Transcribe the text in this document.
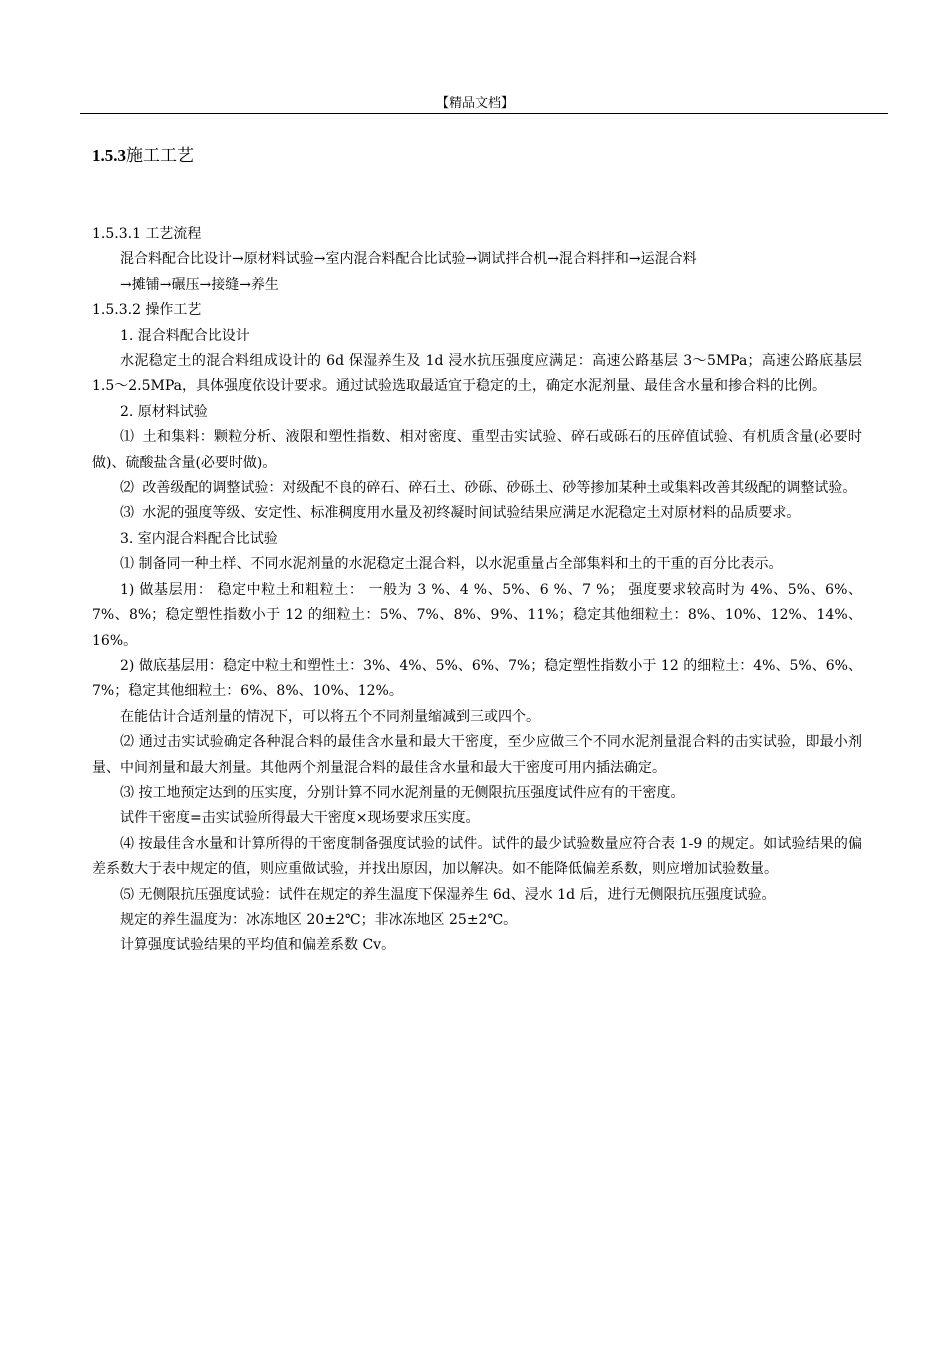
【精品文档】
1.5.3施工工艺

1.5.3.1 工艺流程

混合料配合比设计→原材料试验→室内混合料配合比试验→调试拌合机→混合料拌和→运混合料

→摊铺→碾压→接缝→养生

1.5.3.2 操作工艺

1. 混合料配合比设计

水泥稳定土的混合料组成设计的 6d 保湿养生及 1d 浸水抗压强度应满足：高速公路基层 3～5MPa；高速公路底基层 1.5～2.5MPa，具体强度依设计要求。通过试验选取最适宜于稳定的土，确定水泥剂量、最佳含水量和掺合料的比例。

2. 原材料试验

⑴ 土和集料：颗粒分析、液限和塑性指数、相对密度、重型击实试验、碎石或砾石的压碎值试验、有机质含量(必要时做)、硫酸盐含量(必要时做)。

⑵ 改善级配的调整试验：对级配不良的碎石、碎石土、砂砾、砂砾土、砂等掺加某种土或集料改善其级配的调整试验。

⑶ 水泥的强度等级、安定性、标准稠度用水量及初终凝时间试验结果应满足水泥稳定土对原材料的品质要求。

3. 室内混合料配合比试验

⑴ 制备同一种土样、不同水泥剂量的水泥稳定土混合料，以水泥重量占全部集料和土的干重的百分比表示。

1) 做基层用： 稳定中粒土和粗粒土： 一般为 3 %、4 %、5%、6 %、7 %； 强度要求较高时为 4%、5%、6%、7%、8%；稳定塑性指数小于 12 的细粒土：5%、7%、8%、9%、11%；稳定其他细粒土：8%、10%、12%、14%、16%。

2) 做底基层用：稳定中粒土和塑性土：3%、4%、5%、6%、7%；稳定塑性指数小于 12 的细粒土：4%、5%、6%、7%；稳定其他细粒土：6%、8%、10%、12%。

在能估计合适剂量的情况下，可以将五个不同剂量缩减到三或四个。

⑵ 通过击实试验确定各种混合料的最佳含水量和最大干密度，至少应做三个不同水泥剂量混合料的击实试验，即最小剂量、中间剂量和最大剂量。其他两个剂量混合料的最佳含水量和最大干密度可用内插法确定。

⑶ 按工地预定达到的压实度，分别计算不同水泥剂量的无侧限抗压强度试件应有的干密度。

试件干密度=击实试验所得最大干密度×现场要求压实度。

⑷ 按最佳含水量和计算所得的干密度制备强度试验的试件。试件的最少试验数量应符合表 1-9 的规定。如试验结果的偏差系数大于表中规定的值，则应重做试验，并找出原因，加以解决。如不能降低偏差系数，则应增加试验数量。

⑸ 无侧限抗压强度试验：试件在规定的养生温度下保湿养生 6d、浸水 1d 后，进行无侧限抗压强度试验。

规定的养生温度为：冰冻地区 20±2℃；非冰冻地区 25±2℃。

计算强度试验结果的平均值和偏差系数 Cv。
